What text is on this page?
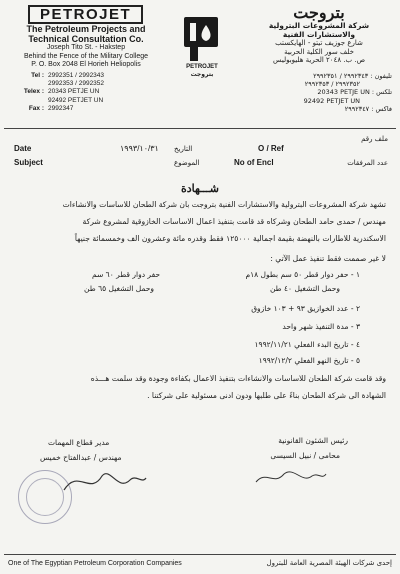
PETROJET
The Petroleum Projects and
Technical Consultation Co.
Joseph Tito St. - Hakstep
Behind the Fence of the Military College
P. O. Box 2048 El Horieh Heliopolis
Tel :	2992351 / 2992343
	2992353 / 2992352
Telex :	20343 PETJE UN
	92492 PETJET UN
Fax :	2992347
PETROJET
بتروجت
بتروجت
شركة المشروعات البترولية
والاستشارات الفنية
شارع جوزيف تيتو - الهايكستب
خلف سور الكلية الحربية
ص. ب. ٢٠٤٨ الحرية هليوبوليس
تليفون : ٢٩٩٢٣٤٣ / ٢٩٩٢٣٥١
٢٩٩٢٣٥٢ / ٢٩٩٢٣٥٣
تلكس : 20343 PETJE UN
92492 PETJET UN
فاكس : ٢٩٩٢٣٤٧
ملف رقم
Date	١٩٩٣/١٠/٣١ التاريخ	O / Ref
Subject	الموضوع	No of Encl	عدد المرفقات
شـــهادة
تشهد شركة المشروعات البترولية والاستشارات الفنية بتروجت بان شركة الطحان للاساسات والانشاءات
مهندس / حمدى حامد الطحان وشركاه قد قامت بتنفيذ اعمال الاساسات الخازوقية لمشروع شركة
الاسكندرية للاطارات بالنهضة بقيمة اجمالية ١٢٥٠٠٠ فقط وقدره مائة وعشرون الف وخمسمائة جنيهاً
لا غير صممت فقط تنفيذ عمل الآتي :
١ - حفر دوار قطر ٥٠ سم بطول ١٨م
حفر دوار قطر ٦٠ سم
وحمل التشغيل ٤٠ طن
وحمل التشغيل ٦٥ طن
٢ - عدد الخوازيق ٩٣ + ١٠٣ خازوق
٣ - مدة التنفيذ شهر واحد
٤ - تاريخ البدء الفعلي ١٩٩٢/١١/٢١
٥ - تاريخ النهو الفعلي ١٩٩٢/١٢/٢
وقد قامت شركة الطحان للاساسات والانشاءات بتنفيذ الاعمال بكفاءة وجودة وقد سلمت هـــذه
الشهادة الى شركة الطحان بناءً على طلبها ودون ادنى مسئولية على شركتنا .
رئيس الشئون القانونية
محامى / نبيل السيسى
مدير قطاع المهمات
مهندس / عبدالفتاح خميس
One of The Egyptian Petroleum Corporation Companies	إحدى شركات الهيئة المصرية العامة للبترول
